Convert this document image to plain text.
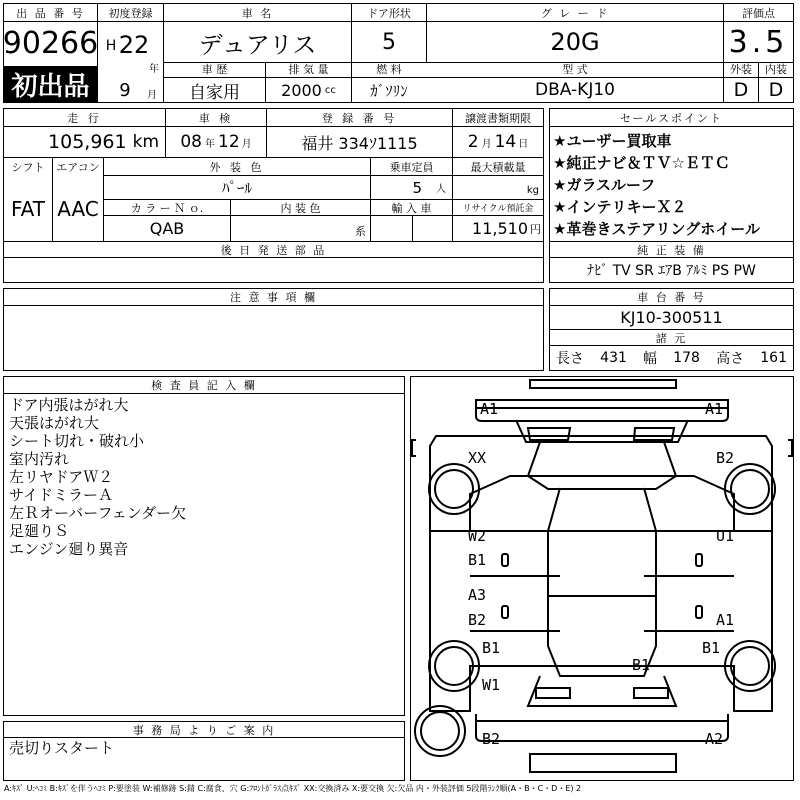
出 品 番 号
90266
初出品
初度登録
H 22
年
9	月
車 名
デュアリス
ドア形状
5
グ レ ー ド
20G
評価点
3.5
車 歴	排 気 量	燃 料	型 式	外装	内装
自家用	2000 cc	ｶﾞｿﾘﾝ	DBA-KJ10	D	D
走 行	車 検	登 録 番 号	譲渡書類期限
105,961 km 08 年 12 月	福井 334ｿ1115	2 月 14 日
シフト	エアコン	外 装 色	乗車定員	最大積載量
FAT AAC
ﾊﾟｰﾙ	5 人	kg
カ ラ ー Ｎ ｏ.	内 装 色	輸 入 車	リサイクル預託金
QAB	系	11,510 円
後 日 発 送 部 品
セールスポイント
★ユーザー買取車
★純正ナビ＆ＴＶ☆ＥＴＣ
★ガラスルーフ
★インテリキーＸ２
★革巻きステアリングホイール
純 正 装 備
ﾅﾋﾞ TV SR ｴｱB ｱﾙﾐ PS PW
注 意 事 項 欄	車 台 番 号
KJ10-300511
諸 元
長さ 431 幅 178 高さ 161
検 査 員 記 入 欄
ドア内張はがれ大
天張はがれ大
シート切れ・破れ小
室内汚れ
左リヤドアＷ２
サイドミラーＡ
左Ｒオーバーフェンダー欠
足廻りＳ
エンジン廻り異音
事 務 局 よ り ご 案 内
売切りスタート
A1	A1
XX	B2
W2
B1
U1
A3
B2	A1
B1	B1
W1
B1
B2	A2
A:ｷｽﾞ U:ﾍｺﾐ B:ｷｽﾞを伴うﾍｺﾐ P:要塗装 W:補修跡 S:錆 C:腐食、穴 G:ﾌﾛﾝﾄｶﾞﾗｽ点ｷｽﾞ XX:交換済み X:要交換 欠:欠品 内・外装評価 5段階ﾗﾝｸ順(A・B・C・D・E) 2
